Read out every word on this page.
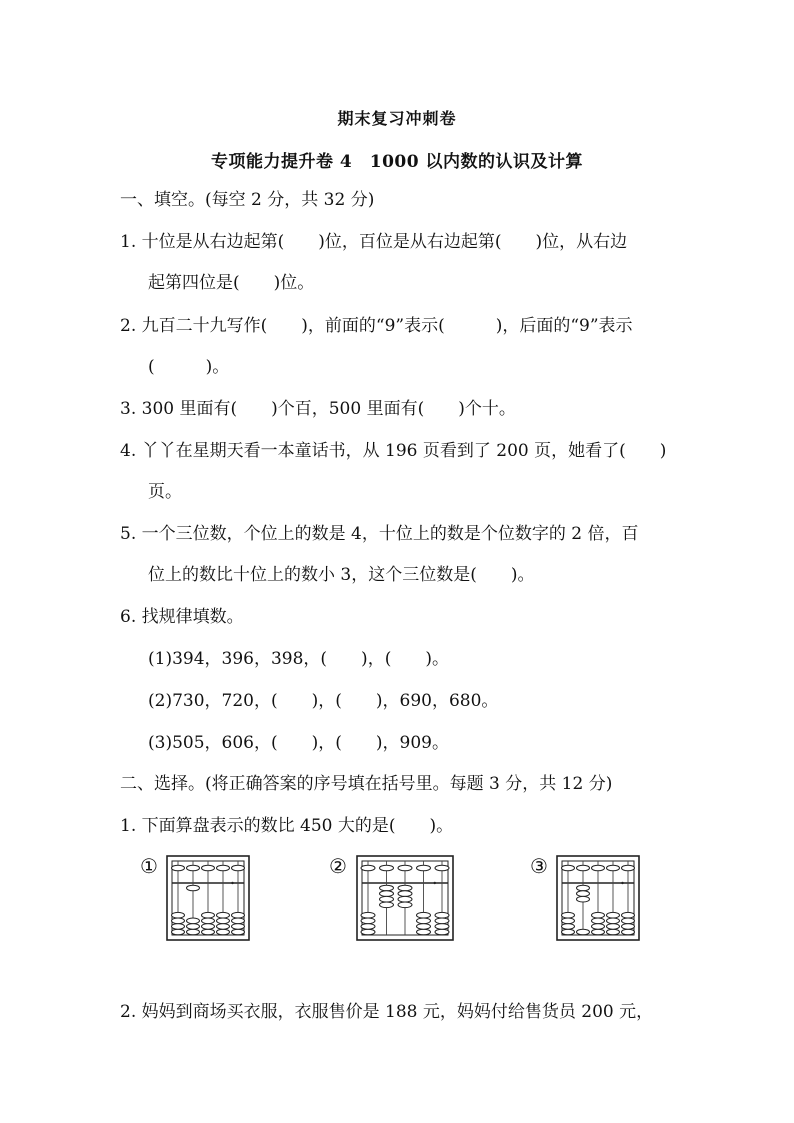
期末复习冲刺卷
专项能力提升卷 4　1000 以内数的认识及计算
一、填空。(每空 2 分，共 32 分)
1. 十位是从右边起第(　　)位，百位是从右边起第(　　)位，从右边
起第四位是(　　)位。
2. 九百二十九写作(　　)，前面的“9”表示(　　　)，后面的“9”表示
(　　　)。
3. 300 里面有(　　)个百，500 里面有(　　)个十。
4. 丫丫在星期天看一本童话书，从 196 页看到了 200 页，她看了(　　)
页。
5. 一个三位数，个位上的数是 4，十位上的数是个位数字的 2 倍，百
位上的数比十位上的数小 3，这个三位数是(　　)。
6. 找规律填数。
(1)394，396，398，(　　)，(　　)。
(2)730，720，(　　)，(　　)，690，680。
(3)505，606，(　　)，(　　)，909。
二、选择。(将正确答案的序号填在括号里。每题 3 分，共 12 分)
1. 下面算盘表示的数比 450 大的是(　　)。
①	②	③
2. 妈妈到商场买衣服，衣服售价是 188 元，妈妈付给售货员 200 元，
